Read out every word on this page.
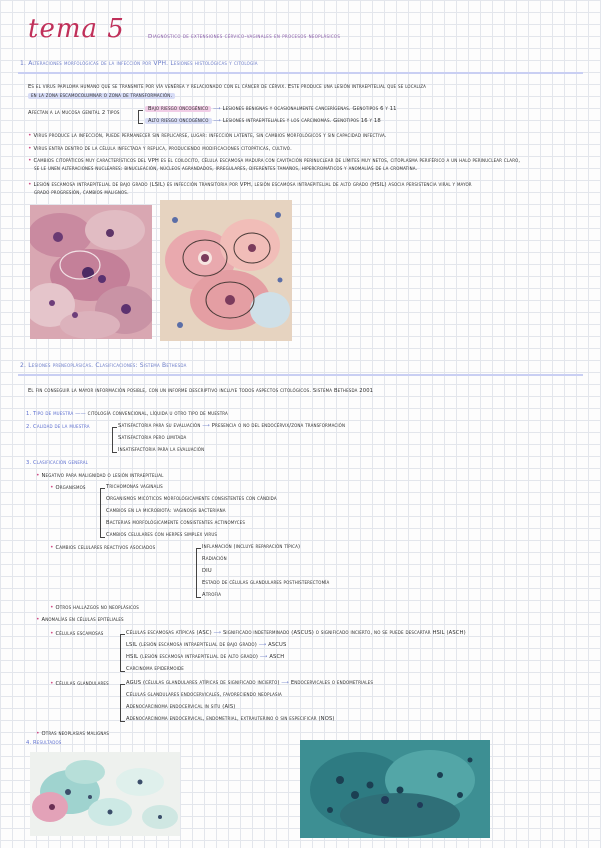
tema 5	Diagnóstico de extensiones cérvico-vaginales en procesos neoplásicos
1. Alteraciones morfológicas de la infección por VPH. Lesiones histológicas y citología
Es el virus papiloma humano que se transmite por vía venérea y relacionado con el cáncer de cérvix. Este produce una lesión intraepitelial que se localiza
en la zona escamocolumnar o zona de transformación.
Afectan a la mucosa genital 2 tipos
Bajo riesgo oncogénico ⟶ Lesiones benignas y ocasionalmente cancerígenas. Genotipos 6 y 11
Alto riesgo oncogénico ⟶ Lesiones intraepiteliales y los carcinomas. Genotipos 16 y 18
• Virus produce la infección, puede permanecer sin replicarse, lugar: infección latente, sin cambios morfológicos y sin capacidad infectiva.
• Virus entra dentro de la célula infectada y replica, produciendo modificaciones citopáticas, cultivo.
• Cambios citopáticos muy característicos del VPH es el coilocito, célula escamosa madura con cavitación perinuclear de límites muy netos, citoplasma periférico a un halo perinuclear claro,
se le unen alteraciones nucleares: binucleación, núcleos agrandados, irregulares, diferentes tamaños, hipercromáticos y anomalías de la cromatina.
• Lesión escamosa intraepitelial de bajo grado (LSIL) es infección transitoria por VPH, lesión escamosa intraepitelial de alto grado (HSIL) asocia persistencia viral y mayor
grado progresión, cambios malignos.
2. Lesiones preneoplásicas. Clasificaciones: Sistema Bethesda
El fin conseguir la mayor información posible, con un informe descriptivo incluye todos aspectos citológicos. Sistema Bethesda 2001
1. Tipo de muestra —— citología convencional, líquida u otro tipo de muestra
2. Calidad de la muestra	Satisfactoria para su evaluación ⟶ Presencia o no del endocérvix/zona transformación
Satisfactoria pero limitada
Insatisfactoria para la evaluación
3. Clasificación general
• Negativo para malignidad o lesión intraepitelial
• Organismos	Trichomonas vaginalis
Organismos micóticos morfológicamente consistentes con cándida
Cambios en la microbiota: vaginosis bacteriana
Bacterias morfológicamente consistentes actinomyces
Cambios celulares con herpes simplex virus
• Cambios celulares reactivos asociados	Inflamación (incluye reparación típica)
Radiación
DIU
Estado de células glandulares posthisterectomía
Atrofia
• Otros hallazgos no neoplásicos
• Anomalías en células epiteliales
• Células escamosas	Células escamosas atípicas (ASC) ⟶ Significado indeterminado (ASCUS) o significado incierto, no se puede descartar HSIL (ASCH)
LSIL (lesión escamosa intraepitelial de bajo grado) ⟶ ASCUS
HSIL (lesión escamosa intraepitelial de alto grado) ⟶ ASCH
Carcinoma epidermoide
• Células glandulares	AGUS (células glandulares atípicas de significado incierto) ⟶ Endocervicales o endometriales
Células glandulares endocervicales, favoreciendo neoplasia
Adenocarcinoma endocervical in situ (AIS)
Adenocarcinoma endocervical, endometrial, extrauterino o sin especificar (NOS)
• Otras neoplasias malignas
4. Resultados
